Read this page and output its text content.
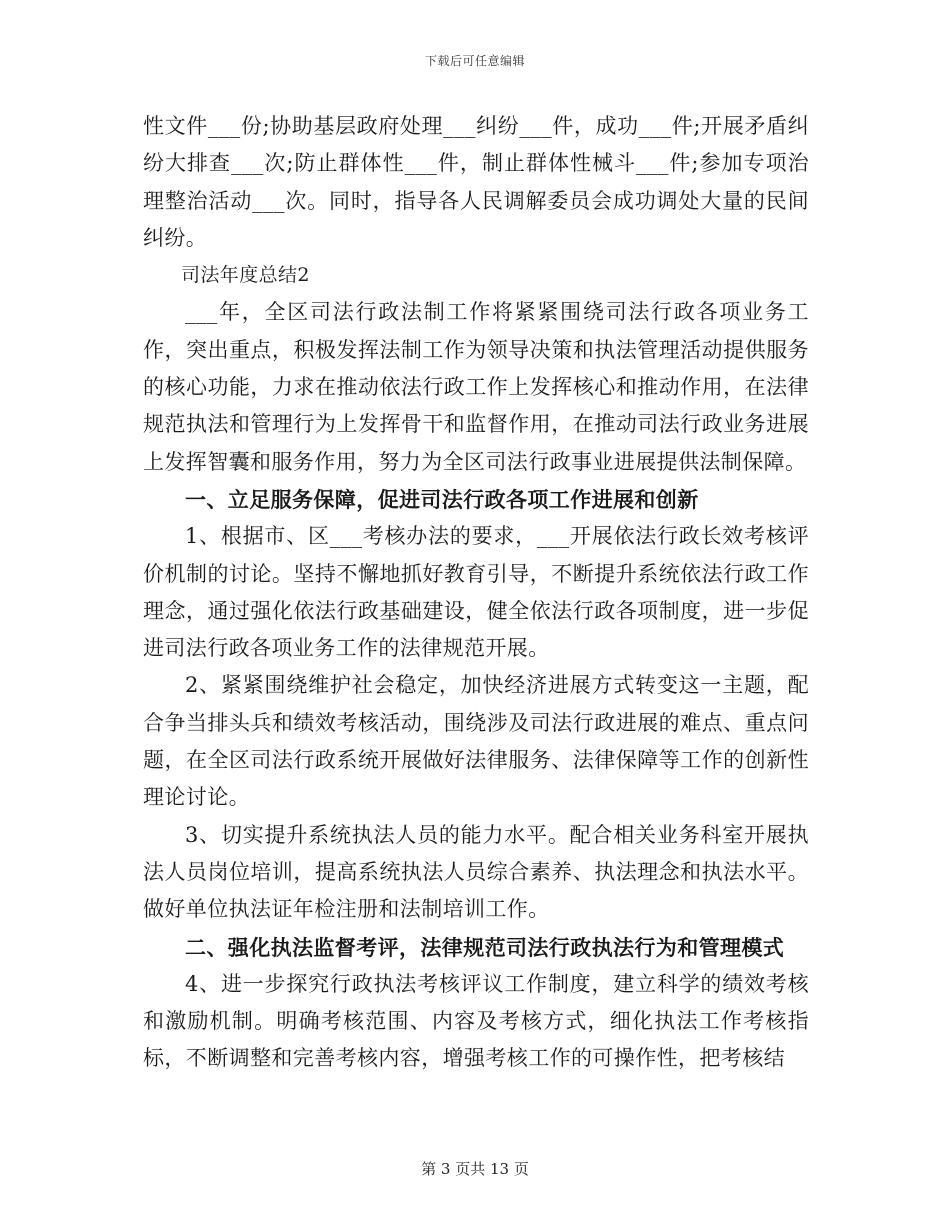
下载后可任意编辑

性文件___份;协助基层政府处理___纠纷___件，成功___件;开展矛盾纠纷大排查___次;防止群体性___件，制止群体性械斗___件;参加专项治理整治活动___次。同时，指导各人民调解委员会成功调处大量的民间纠纷。

司法年度总结2

___年，全区司法行政法制工作将紧紧围绕司法行政各项业务工作，突出重点，积极发挥法制工作为领导决策和执法管理活动提供服务的核心功能，力求在推动依法行政工作上发挥核心和推动作用，在法律规范执法和管理行为上发挥骨干和监督作用，在推动司法行政业务进展上发挥智囊和服务作用，努力为全区司法行政事业进展提供法制保障。

一、立足服务保障，促进司法行政各项工作进展和创新

1、根据市、区___考核办法的要求，___开展依法行政长效考核评价机制的讨论。坚持不懈地抓好教育引导，不断提升系统依法行政工作理念，通过强化依法行政基础建设，健全依法行政各项制度，进一步促进司法行政各项业务工作的法律规范开展。

2、紧紧围绕维护社会稳定，加快经济进展方式转变这一主题，配合争当排头兵和绩效考核活动，围绕涉及司法行政进展的难点、重点问题，在全区司法行政系统开展做好法律服务、法律保障等工作的创新性理论讨论。

3、切实提升系统执法人员的能力水平。配合相关业务科室开展执法人员岗位培训，提高系统执法人员综合素养、执法理念和执法水平。做好单位执法证年检注册和法制培训工作。

二、强化执法监督考评，法律规范司法行政执法行为和管理模式

4、进一步探究行政执法考核评议工作制度，建立科学的绩效考核和激励机制。明确考核范围、内容及考核方式，细化执法工作考核指标，不断调整和完善考核内容，增强考核工作的可操作性，把考核结

第 3 页共 13 页
